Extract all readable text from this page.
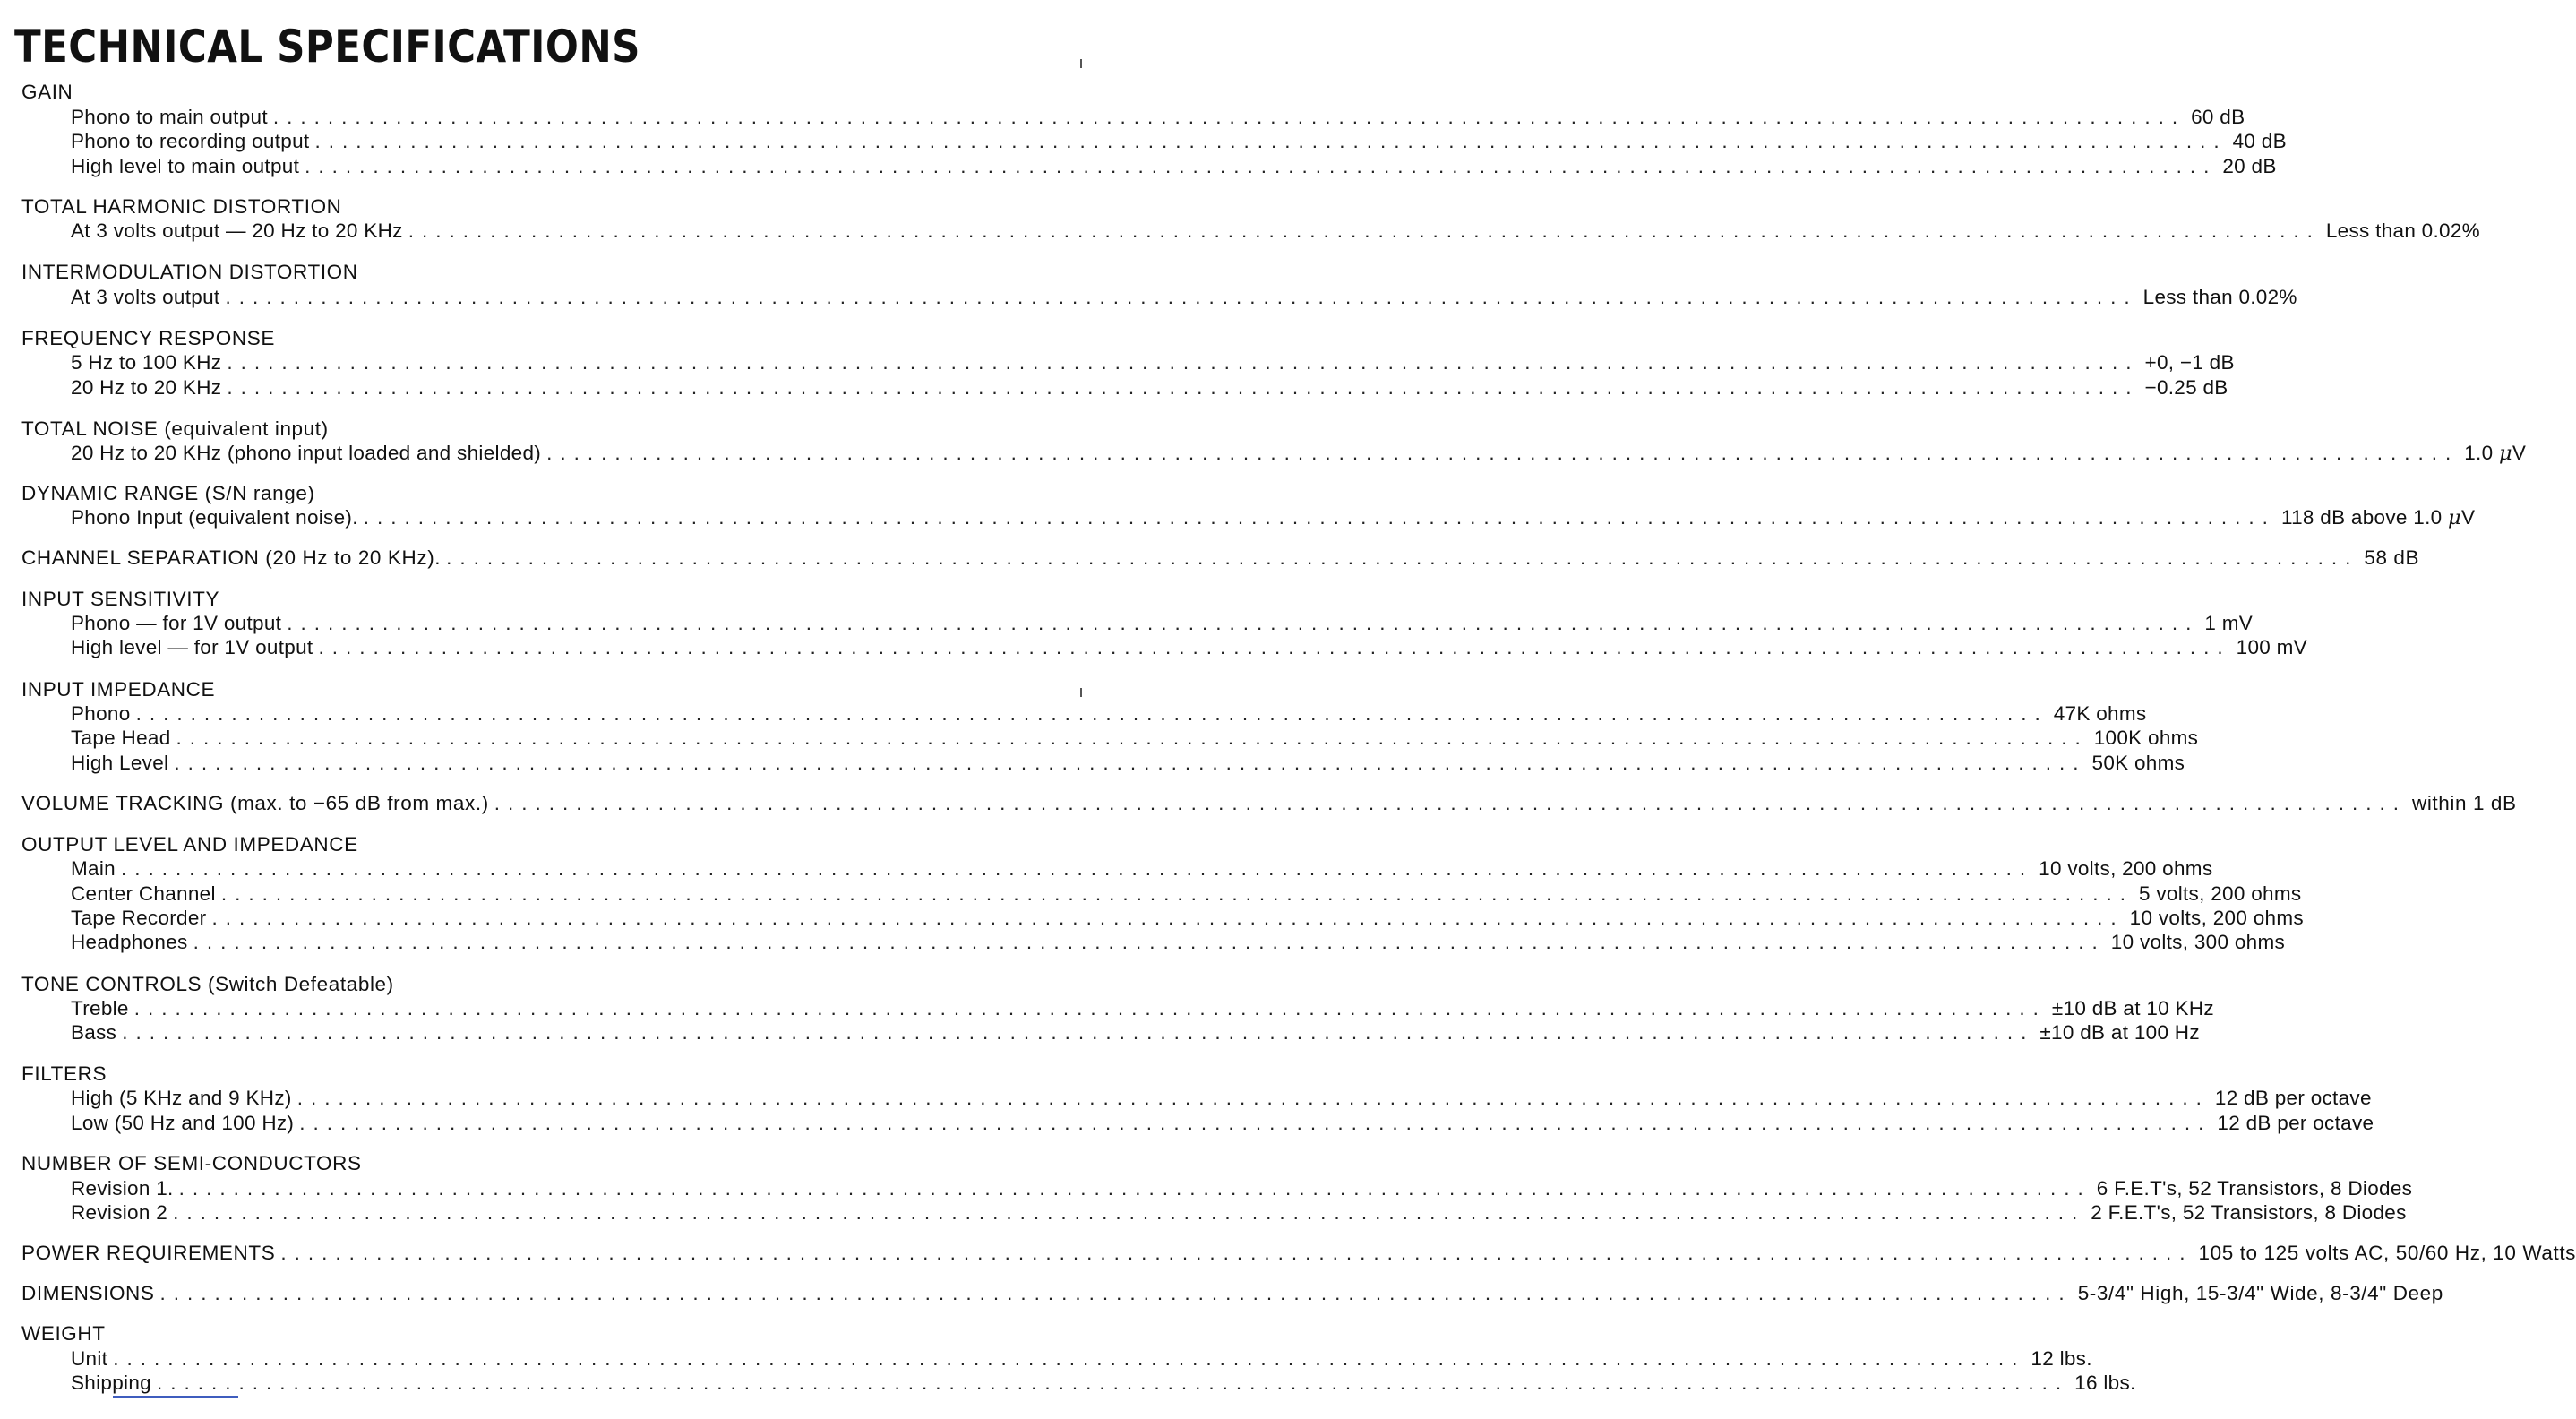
TECHNICAL SPECIFICATIONS
GAIN
Phono to main output ............................................................................................................................................ 60 dB
Phono to recording output ............................................................................................................................................ 40 dB
High level to main output ............................................................................................................................................ 20 dB
TOTAL HARMONIC DISTORTION
At 3 volts output — 20 Hz to 20 KHz ............................................................................................................................................ Less than 0.02%
INTERMODULATION DISTORTION
At 3 volts output ............................................................................................................................................ Less than 0.02%
FREQUENCY RESPONSE
5 Hz to 100 KHz ............................................................................................................................................ +0, −1 dB
20 Hz to 20 KHz ............................................................................................................................................ −0.25 dB
TOTAL NOISE (equivalent input)
20 Hz to 20 KHz (phono input loaded and shielded) ............................................................................................................................................ 1.0 μV
DYNAMIC RANGE (S/N range)
Phono Input (equivalent noise). ............................................................................................................................................ 118 dB above 1.0 μV
CHANNEL SEPARATION (20 Hz to 20 KHz). ............................................................................................................................................ 58 dB
INPUT SENSITIVITY
Phono — for 1V output ............................................................................................................................................ 1 mV
High level — for 1V output ............................................................................................................................................ 100 mV
INPUT IMPEDANCE
Phono ............................................................................................................................................ 47K ohms
Tape Head ............................................................................................................................................ 100K ohms
High Level ............................................................................................................................................ 50K ohms
VOLUME TRACKING (max. to −65 dB from max.) ............................................................................................................................................ within 1 dB
OUTPUT LEVEL AND IMPEDANCE
Main ............................................................................................................................................ 10 volts, 200 ohms
Center Channel ............................................................................................................................................ 5 volts, 200 ohms
Tape Recorder ............................................................................................................................................ 10 volts, 200 ohms
Headphones ............................................................................................................................................ 10 volts, 300 ohms
TONE CONTROLS (Switch Defeatable)
Treble ............................................................................................................................................ ±10 dB at 10 KHz
Bass ............................................................................................................................................ ±10 dB at 100 Hz
FILTERS
High (5 KHz and 9 KHz) ............................................................................................................................................ 12 dB per octave
Low (50 Hz and 100 Hz) ............................................................................................................................................ 12 dB per octave
NUMBER OF SEMI-CONDUCTORS
Revision 1. ............................................................................................................................................ 6 F.E.T's, 52 Transistors, 8 Diodes
Revision 2 ............................................................................................................................................ 2 F.E.T's, 52 Transistors, 8 Diodes
POWER REQUIREMENTS ............................................................................................................................................ 105 to 125 volts AC, 50/60 Hz, 10 Watts
DIMENSIONS ............................................................................................................................................ 5-3/4" High, 15-3/4" Wide, 8-3/4" Deep
WEIGHT
Unit ............................................................................................................................................ 12 lbs.
Shipping ............................................................................................................................................ 16 lbs.
